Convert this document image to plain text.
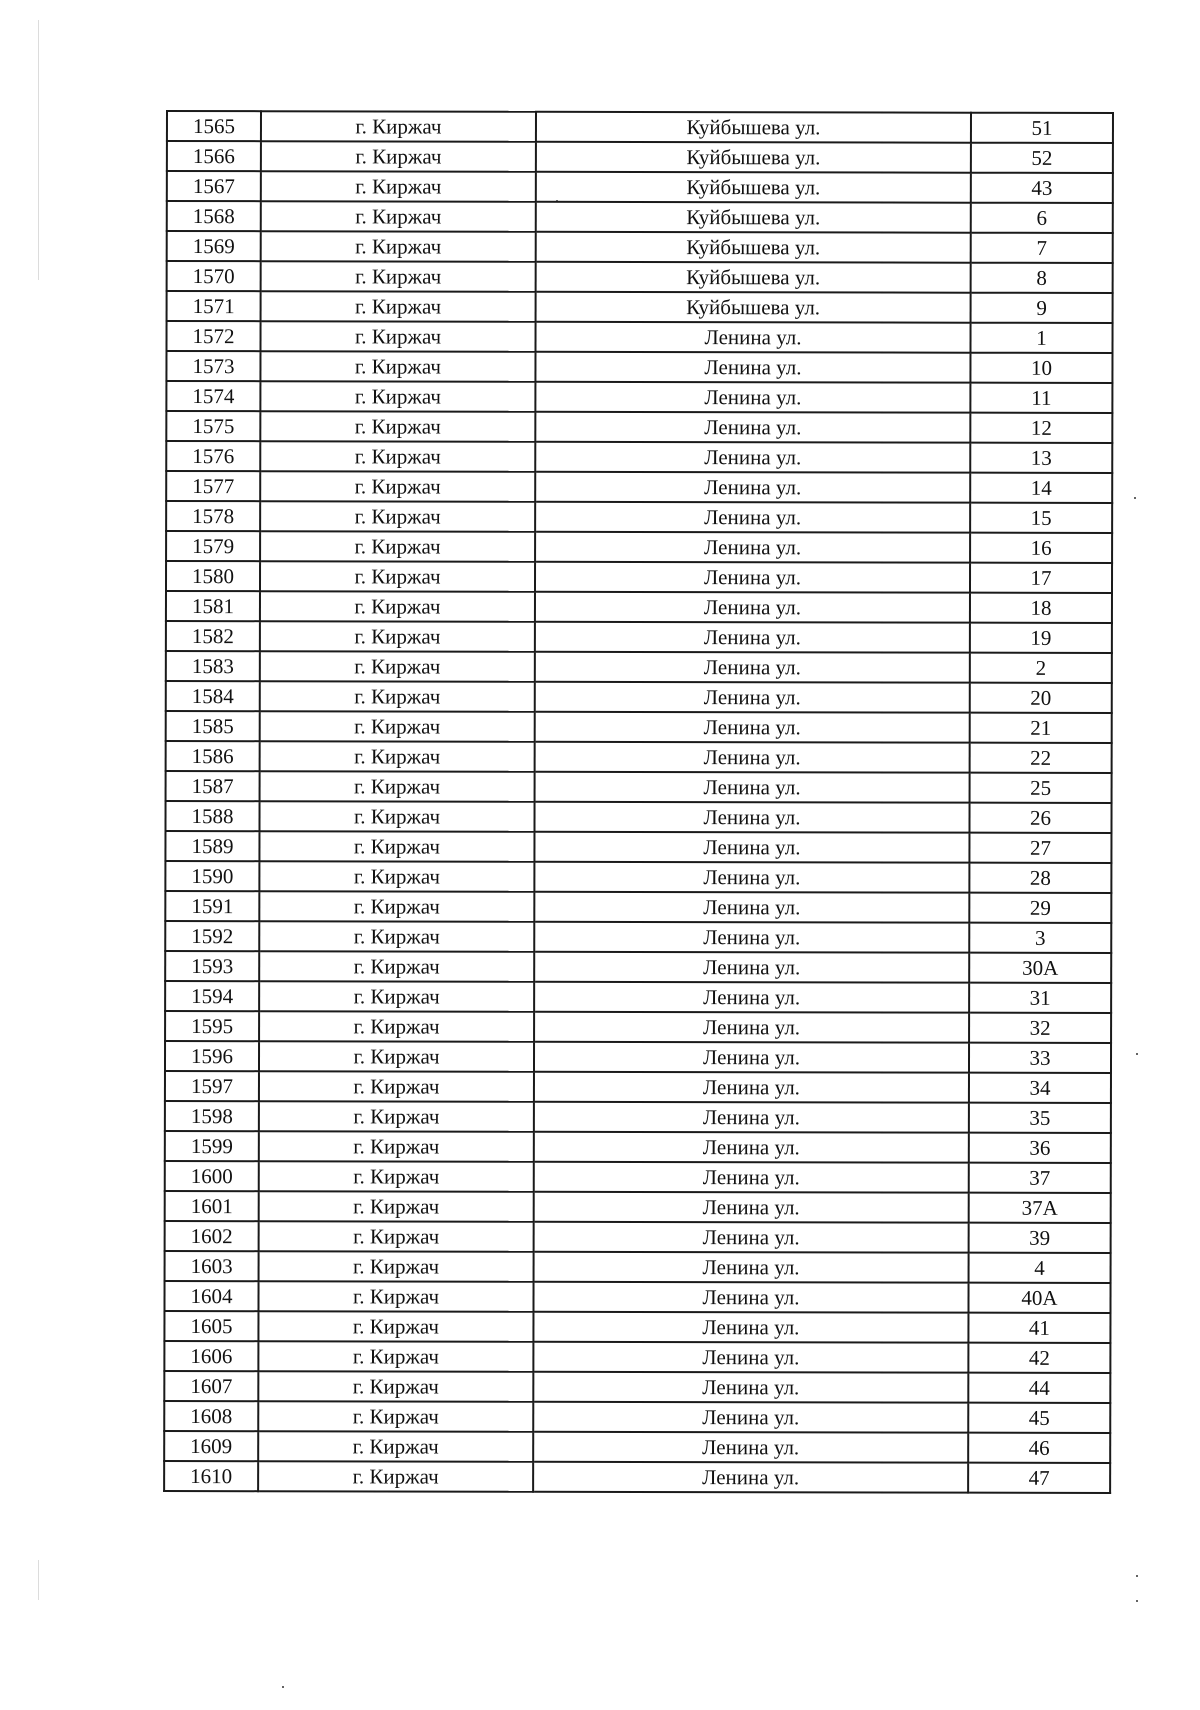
1565	г. Киржач	Куйбышева ул.	51
1566	г. Киржач	Куйбышева ул.	52
1567	г. Киржач	Куйбышева ул.	43
1568	г. Киржач	Куйбышева ул.	6
1569	г. Киржач	Куйбышева ул.	7
1570	г. Киржач	Куйбышева ул.	8
1571	г. Киржач	Куйбышева ул.	9
1572	г. Киржач	Ленина ул.	1
1573	г. Киржач	Ленина ул.	10
1574	г. Киржач	Ленина ул.	11
1575	г. Киржач	Ленина ул.	12
1576	г. Киржач	Ленина ул.	13
1577	г. Киржач	Ленина ул.	14
1578	г. Киржач	Ленина ул.	15
1579	г. Киржач	Ленина ул.	16
1580	г. Киржач	Ленина ул.	17
1581	г. Киржач	Ленина ул.	18
1582	г. Киржач	Ленина ул.	19
1583	г. Киржач	Ленина ул.	2
1584	г. Киржач	Ленина ул.	20
1585	г. Киржач	Ленина ул.	21
1586	г. Киржач	Ленина ул.	22
1587	г. Киржач	Ленина ул.	25
1588	г. Киржач	Ленина ул.	26
1589	г. Киржач	Ленина ул.	27
1590	г. Киржач	Ленина ул.	28
1591	г. Киржач	Ленина ул.	29
1592	г. Киржач	Ленина ул.	3
1593	г. Киржач	Ленина ул.	30А
1594	г. Киржач	Ленина ул.	31
1595	г. Киржач	Ленина ул.	32
1596	г. Киржач	Ленина ул.	33
1597	г. Киржач	Ленина ул.	34
1598	г. Киржач	Ленина ул.	35
1599	г. Киржач	Ленина ул.	36
1600	г. Киржач	Ленина ул.	37
1601	г. Киржач	Ленина ул.	37А
1602	г. Киржач	Ленина ул.	39
1603	г. Киржач	Ленина ул.	4
1604	г. Киржач	Ленина ул.	40А
1605	г. Киржач	Ленина ул.	41
1606	г. Киржач	Ленина ул.	42
1607	г. Киржач	Ленина ул.	44
1608	г. Киржач	Ленина ул.	45
1609	г. Киржач	Ленина ул.	46
1610	г. Киржач	Ленина ул.	47
